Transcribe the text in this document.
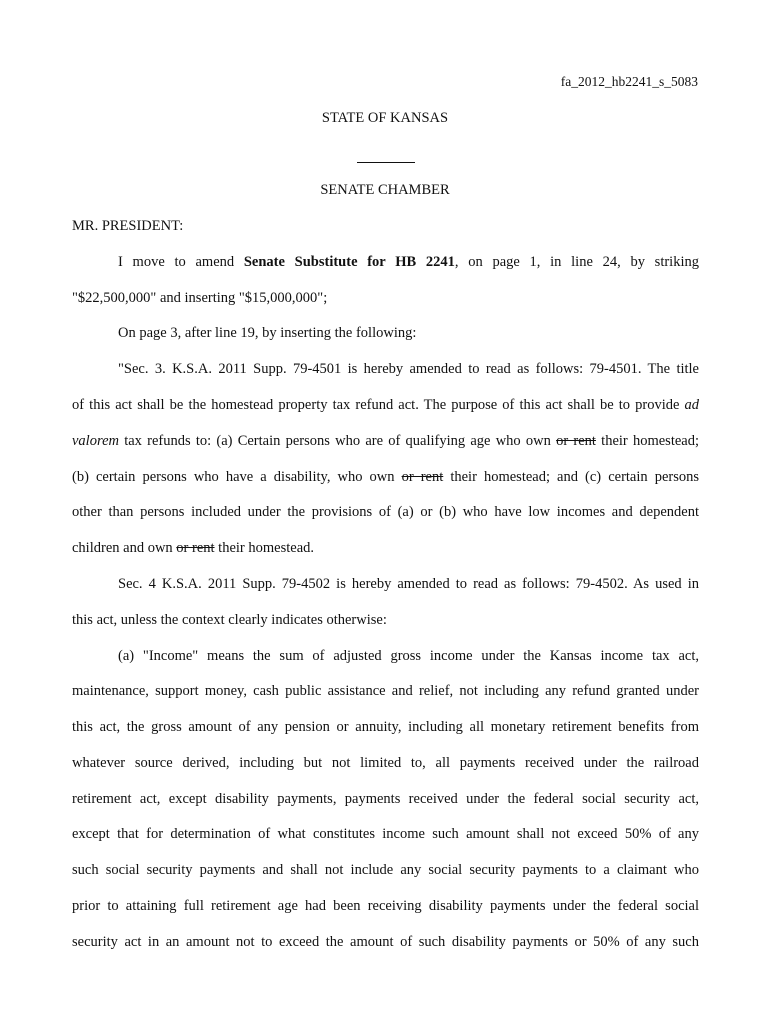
fa_2012_hb2241_s_5083
STATE OF KANSAS
SENATE CHAMBER
MR. PRESIDENT:
I move to amend Senate Substitute for HB 2241, on page 1, in line 24, by striking
"$22,500,000" and inserting "$15,000,000";
On page 3, after line 19, by inserting the following:
"Sec. 3. K.S.A. 2011 Supp. 79-4501 is hereby amended to read as follows: 79-4501. The title
of this act shall be the homestead property tax refund act. The purpose of this act shall be to provide ad
valorem tax refunds to: (a) Certain persons who are of qualifying age who own or rent their homestead;
(b) certain persons who have a disability, who own or rent their homestead; and (c) certain persons
other than persons included under the provisions of (a) or (b) who have low incomes and dependent
children and own or rent their homestead.
Sec. 4 K.S.A. 2011 Supp. 79-4502 is hereby amended to read as follows: 79-4502. As used in
this act, unless the context clearly indicates otherwise:
(a) "Income" means the sum of adjusted gross income under the Kansas income tax act,
maintenance, support money, cash public assistance and relief, not including any refund granted under
this act, the gross amount of any pension or annuity, including all monetary retirement benefits from
whatever source derived, including but not limited to, all payments received under the railroad
retirement act, except disability payments, payments received under the federal social security act,
except that for determination of what constitutes income such amount shall not exceed 50% of any
such social security payments and shall not include any social security payments to a claimant who
prior to attaining full retirement age had been receiving disability payments under the federal social
security act in an amount not to exceed the amount of such disability payments or 50% of any such
